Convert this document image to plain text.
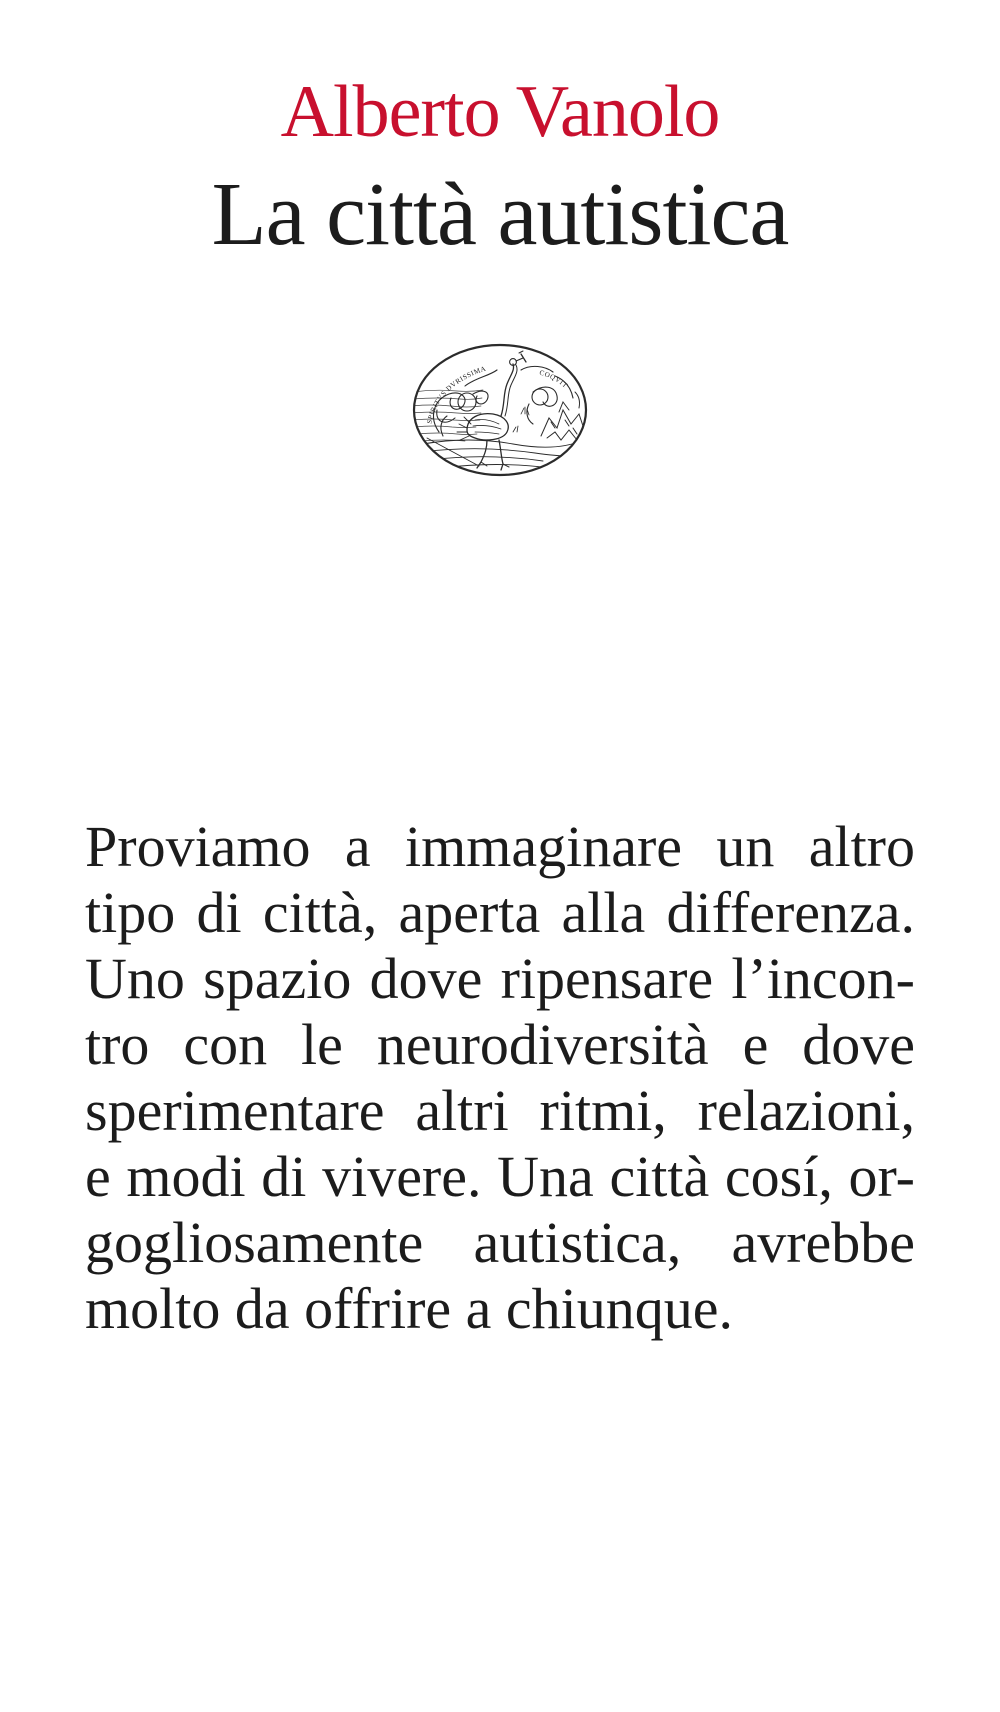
Alberto Vanolo
La città autistica
SPIRITVS DVRISSIMA	COQVIT
Proviamo a immaginare un altro
tipo di città, aperta alla differenza.
Uno spazio dove ripensare l’incon-
tro con le neurodiversità e dove
sperimentare altri ritmi, relazioni,
e modi di vivere. Una città cosí, or-
gogliosamente autistica, avrebbe
molto da offrire a chiunque.
